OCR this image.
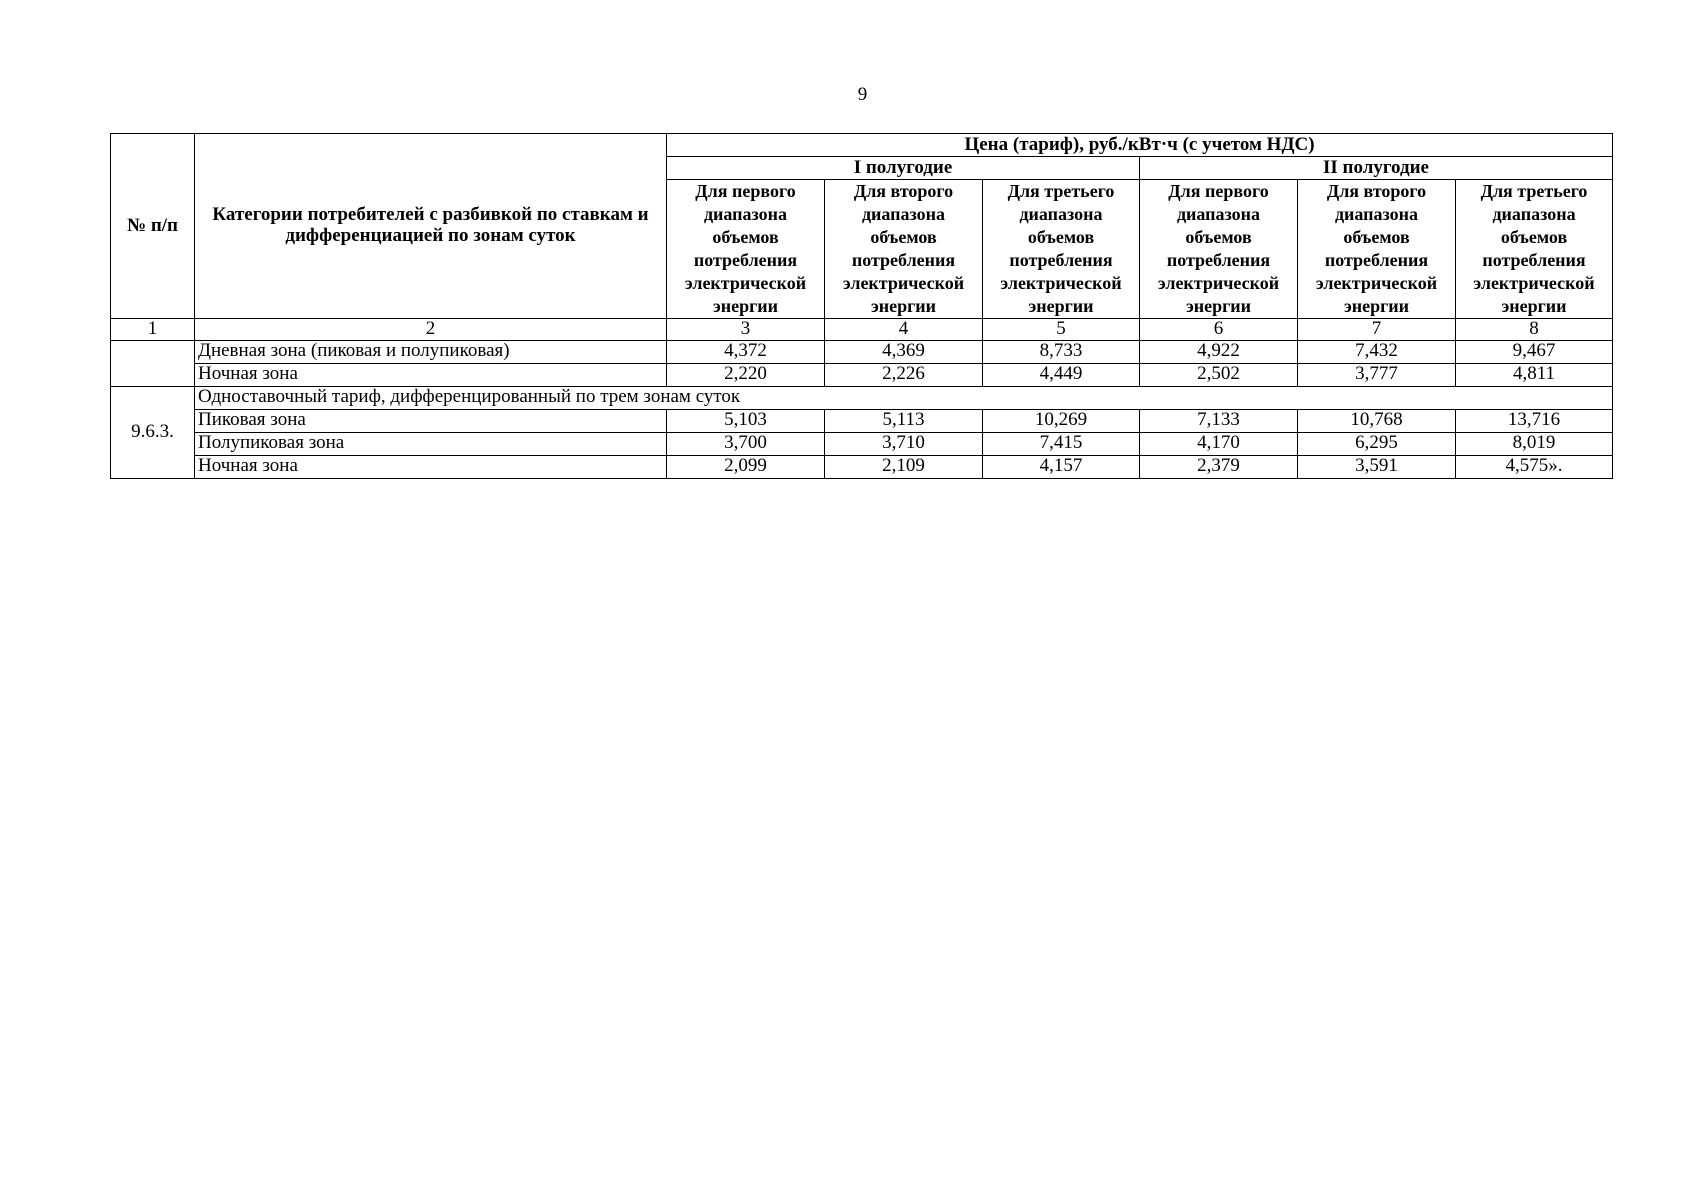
9
№ п/п	Категории потребителей с разбивкой по ставкам и дифференциацией по зонам суток	Цена (тариф), руб./кВт·ч (с учетом НДС)					
		I полугодие			II полугодие		
		Для первого диапазона объемов потребления электрической энергии	Для второго диапазона объемов потребления электрической энергии	Для третьего диапазона объемов потребления электрической энергии	Для первого диапазона объемов потребления электрической энергии	Для второго диапазона объемов потребления электрической энергии	Для третьего диапазона объемов потребления электрической энергии
1	2	3	4	5	6	7	8
	Дневная зона (пиковая и полупиковая)	4,372	4,369	8,733	4,922	7,432	9,467
	Ночная зона	2,220	2,226	4,449	2,502	3,777	4,811
9.6.3.	Одноставочный тариф, дифференцированный по трем зонам суток						
	Пиковая зона	5,103	5,113	10,269	7,133	10,768	13,716
	Полупиковая зона	3,700	3,710	7,415	4,170	6,295	8,019
	Ночная зона	2,099	2,109	4,157	2,379	3,591	4,575».
